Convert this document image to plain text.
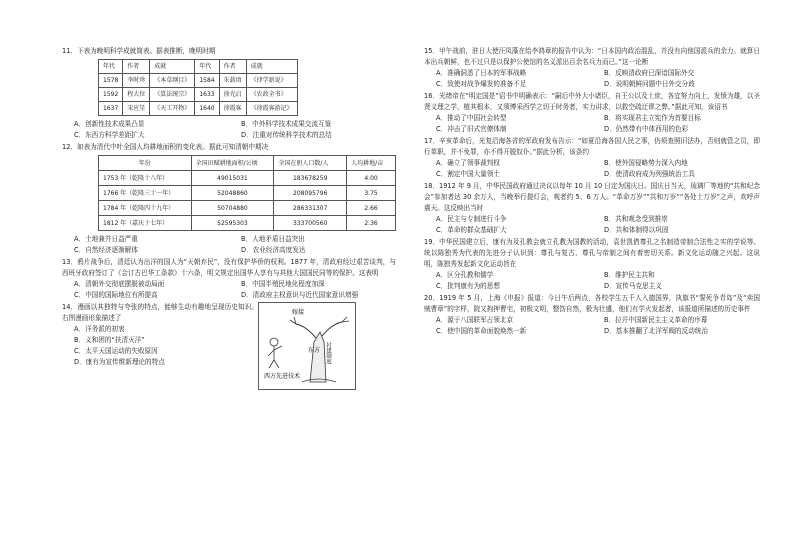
11．下表为晚明科学成就简表。据表推断，晚明时期

年代	作者	成就	年代	作者	成就
1578	李时珍	《本草纲目》	1584	朱载堉	《律学新说》
1592	程大位	《算法统宗》	1633	徐光启	《农政全书》
1637	宋应星	《天工开物》	1640	徐霞客	《徐霞客游记》
A．创新性技术成果凸显	B．中外科学技术成果交流互鉴
C．东西方科学差距扩大	D．注重对传统科学技术的总结

12．如表为清代中叶全国人均耕地面积的变化表。据此可知清朝中期决

年份	全国田赋耕地面积/公顷	全国在册人口数/人	人均耕地/亩
1753 年（乾隆十八年）	49015031	183678259	4.00
1766 年（乾隆三十一年）	52048860	208095796	3.75
1784 年（乾隆四十九年）	50704880	286331307	2.66
1812 年（嘉庆十七年）	52595303	333700560	2.36
A．土地兼并日益严重	B．人地矛盾日益突出
C．自然经济逐渐解体	D．农业经济高度发达

13．鸦片战争后，清廷认为出洋的国人为“天朝弃民”，没有保护华侨的权利。1877 年，清政府经过艰苦谈判，与西班牙政府签订了《会订古巴华工条款》十六条，明文规定出国华人享有与其他大国国民同等的保护。这表明

A．清朝外交彻底摆脱被动局面	B．中国半殖民地化程度加深
C．中国的国际地位有所提高	D．清政府主权意识与近代国家意识增强

14．漫画以其独特与夸张的特点，能够生动有趣地呈现历史知识。右图漫画形象描述了

A．洋务派的初衷
B．义和团的“扶清灭洋”
C．太平天国运动的失败原因
D．康有为宣传维新理论的特点
嫁接
东方 封建制度
西方先进技术

15．甲午战前，驻日大使汪凤藻在给李鸿章的报告中认为：“日本国内政治混乱，并没有向他国派兵的余力。就算日本出兵朝鲜，也不过只是以保护公使馆的名义派出百余名兵力而已。”这一论断

A．准确洞悉了日本的军事战略	B．反映清政府已深谙国际外交
C．致使对战争爆发的准备不足	D．说明朝鲜问题中日外交分歧

16．光绪帝在“明定国是”诏书中明确表示：“嗣后中外大小诸臣，自王公以及士庶，各宜努力向上，发愤为雄，以圣贤义理之学，植其根本，又须博采西学之切于时务者，实力讲求，以救空疏迂谬之弊。”据此可知，该诏书

A．推动了中国社会转型	B．将实现君主立宪作为首要目标
C．冲击了旧式官僚体制	D．仍然带有中体西用的色彩

17．辛亥革命后，光复沿海各省的军政府发布告示：“如夏沿海各国人民之事，仍须查照旧法办，否则就管之员，即行革职，并不免罪，亦不得开脱奴仆。”据此分析，该条约

A．确立了领事裁判权	B．使外国侵略势力深入内地
C．割定中国大量领土	D．使清政府成为列强统治工具

18．1912 年 9 月，中华民国政府通过决议以每年 10 月 10 日定为国庆日。国庆日当天，琉璃厂等地的“共和纪念会”参加者达 30 余万人，当晚举行提灯会，观者约 5、6 万人。“革命万岁”“共和万岁”“各处士万岁”之声，欢呼声震天。这反映出当时

A．民主与专制进行斗争	B．共和观念受到推崇
C．革命的群众基础扩大	D．共和体制得以巩固

19．中华民国建立后，康有为及孔教会就立孔教为国教的活动，袁世凯借尊孔之名制造帝制合法性之实的学说等。统以陈独秀为代表的先进分子认识到：尊孔与复古、尊孔与帝制之间有着密切关系。新文化运动随之兴起。这说明，陈独秀发起新文化运动旨在

A．区分孔教和儒学	B．维护民主共和
C．批判康有为的思想	D．宣传马克思主义

20．1919 年 5 月，上海《申报》报道：今日午后两点，各校学生五千人入德国界，执旗书“誓死争青岛”及“卖国贼曹章”的字样，院又拘押曹宅，初极文明，整饬自然，极为壮盛，他们有学火发起者，该报道所描述的历史事件

A．源于八国联军占领北京	B．拉开中国新民主主义革命的序幕
C．使中国的革命面貌焕然一新	D．基本推翻了北洋军阀的反动统治
